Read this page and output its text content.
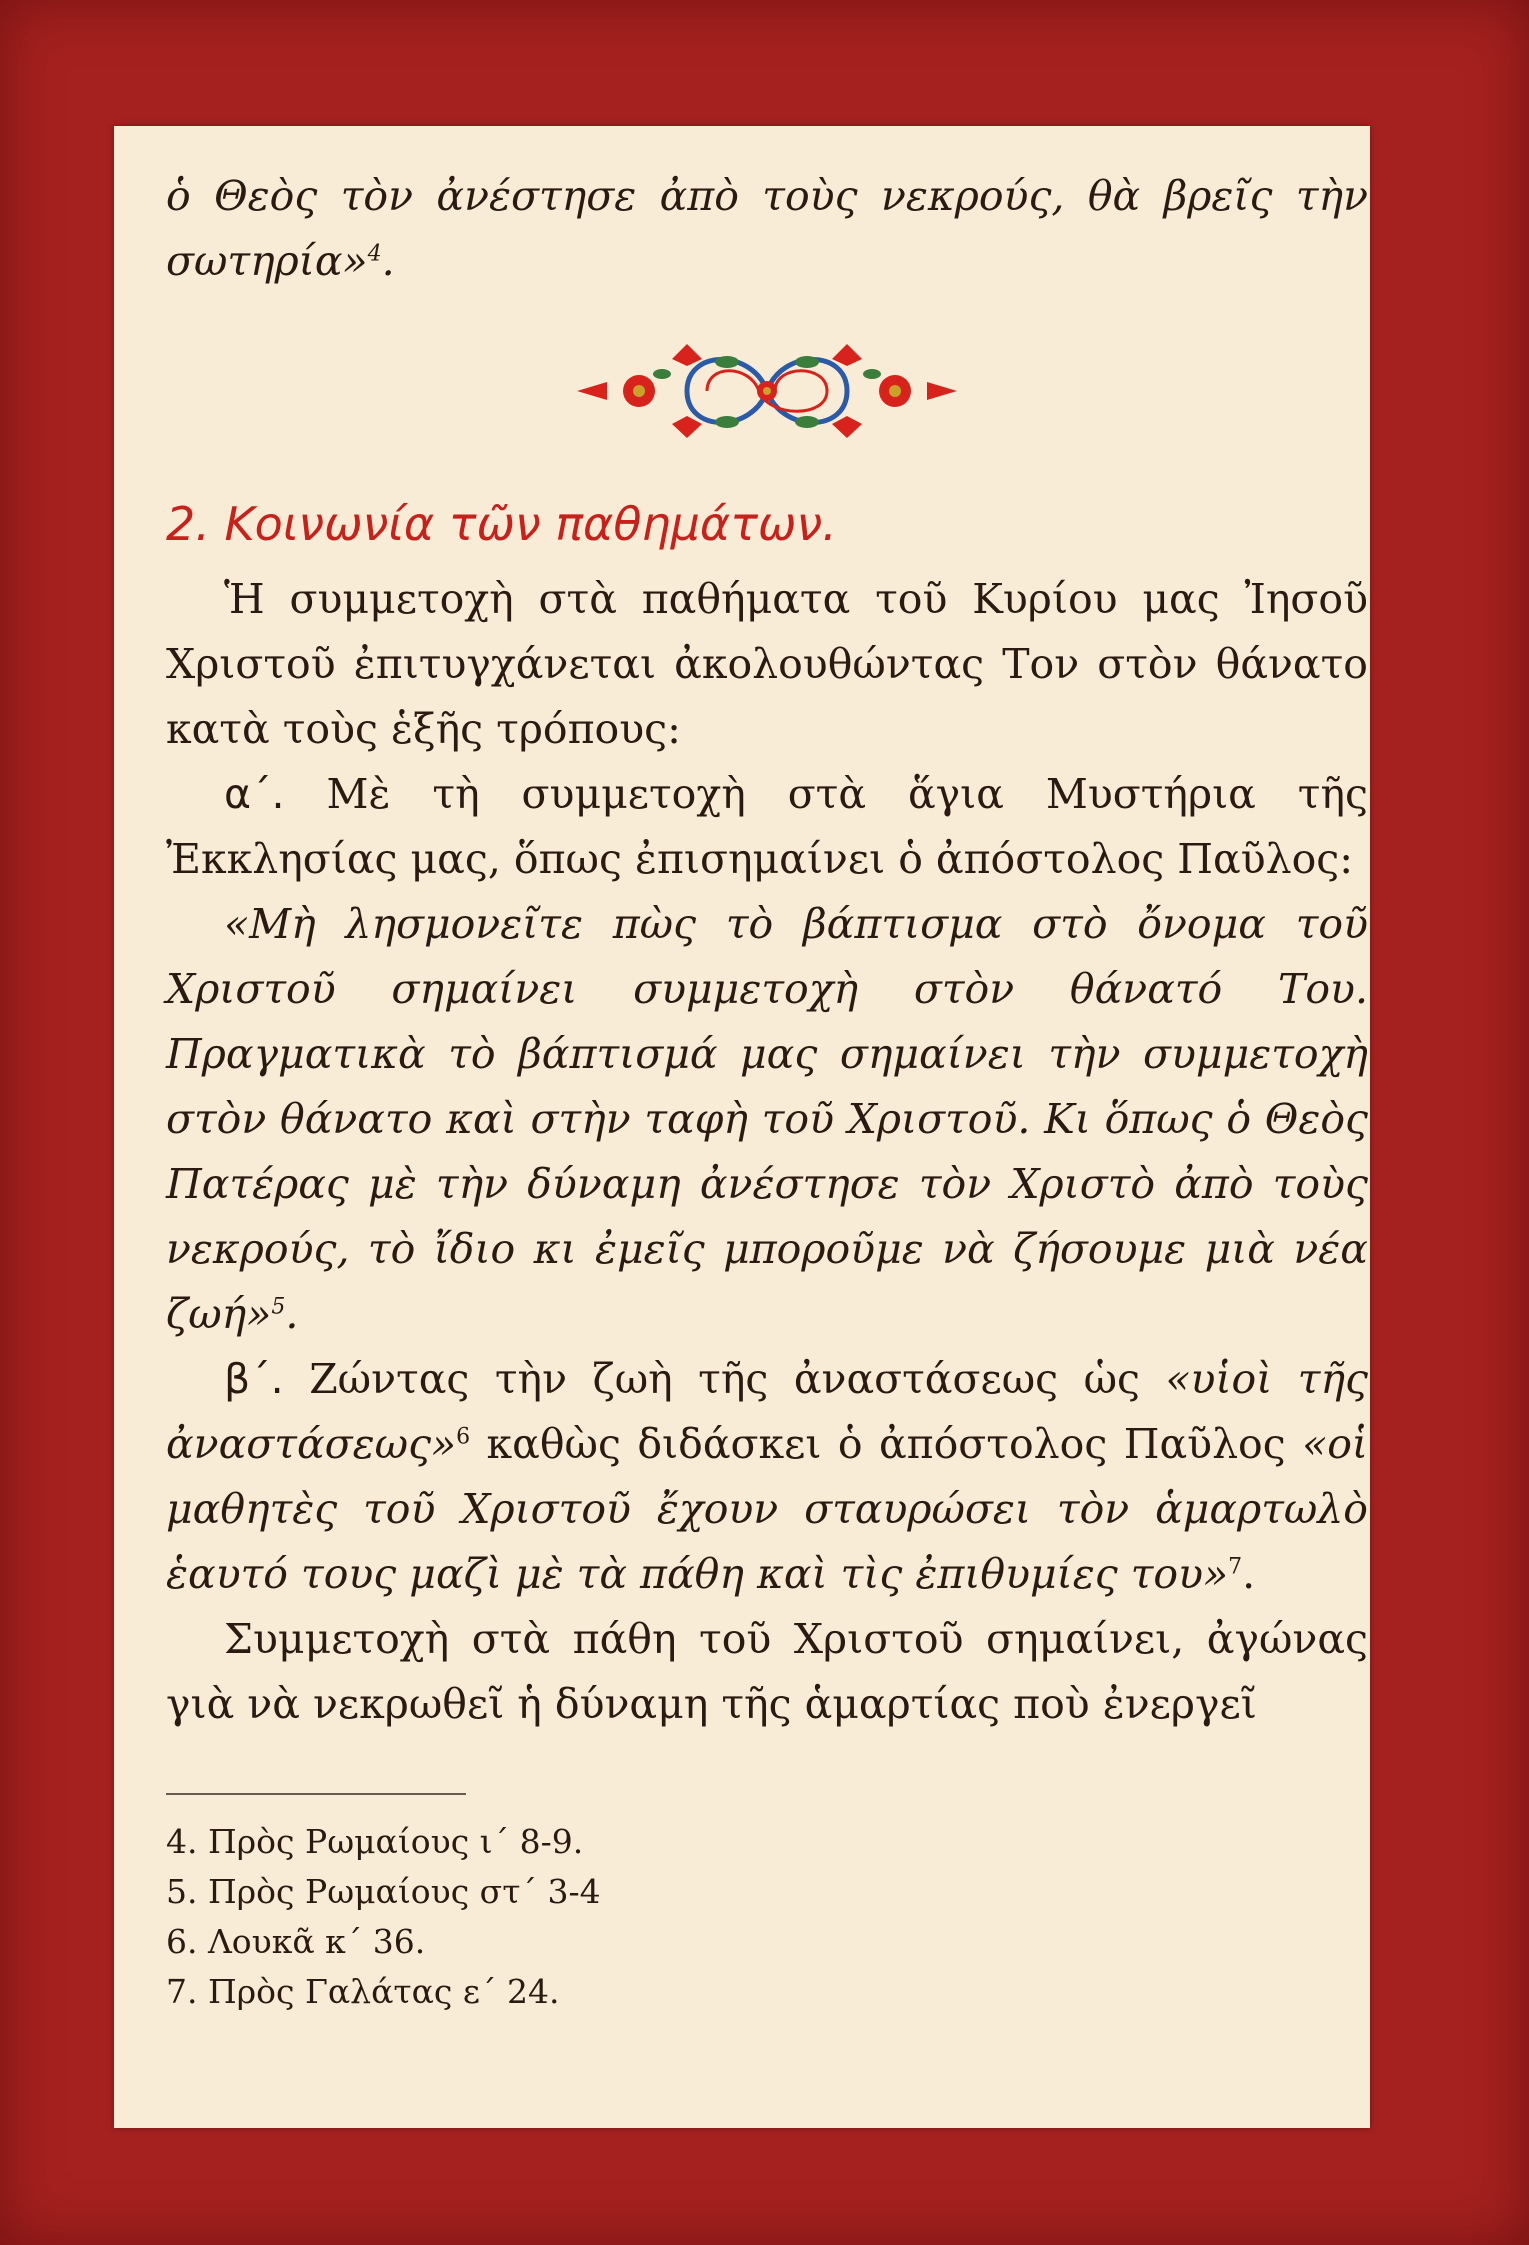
ὁ Θεὸς τὸν ἀνέστησε ἀπὸ τοὺς νεκρούς, θὰ βρεῖς τὴν σωτηρία»$^4$.

2. Κοινωνία τῶν παθημάτων.

Ἡ συμμετοχὴ στὰ παθήματα τοῦ Κυρίου μας Ἰησοῦ Χριστοῦ ἐπιτυγχάνεται ἀκολουθώντας Τον στὸν θάνατο κατὰ τοὺς ἑξῆς τρόπους:

α΄. Μὲ τὴ συμμετοχὴ στὰ ἅγια Μυστήρια τῆς Ἐκκλησίας μας, ὅπως ἐπισημαίνει ὁ ἀπόστολος Παῦλος:

«Μὴ λησμονεῖτε πὼς τὸ βάπτισμα στὸ ὄνομα τοῦ Χριστοῦ σημαίνει συμμετοχὴ στὸν θάνατό Του. Πραγματικὰ τὸ βάπτισμά μας σημαίνει τὴν συμμετοχὴ στὸν θάνατο καὶ στὴν ταφὴ τοῦ Χριστοῦ. Κι ὅπως ὁ Θεὸς Πατέρας μὲ τὴν δύναμη ἀνέστησε τὸν Χριστὸ ἀπὸ τοὺς νεκρούς, τὸ ἴδιο κι ἐμεῖς μποροῦμε νὰ ζήσουμε μιὰ νέα ζωή»$^5$.

β΄. Ζώντας τὴν ζωὴ τῆς ἀναστάσεως ὡς «υἱοὶ τῆς ἀναστάσεως»$^6$ καθὼς διδάσκει ὁ ἀπόστολος Παῦλος «οἱ μαθητὲς τοῦ Χριστοῦ ἔχουν σταυρώσει τὸν ἁμαρτωλὸ ἑαυτό τους μαζὶ μὲ τὰ πάθη καὶ τὶς ἐπιθυμίες του»$^7$.

Συμμετοχὴ στὰ πάθη τοῦ Χριστοῦ σημαίνει, ἀγώνας γιὰ νὰ νεκρωθεῖ ἡ δύναμη τῆς ἁμαρτίας ποὺ ἐνεργεῖ

4. Πρὸς Ρωμαίους ι΄ 8-9.
5. Πρὸς Ρωμαίους στ΄ 3-4
6. Λουκᾶ κ΄ 36.
7. Πρὸς Γαλάτας ε΄ 24.
